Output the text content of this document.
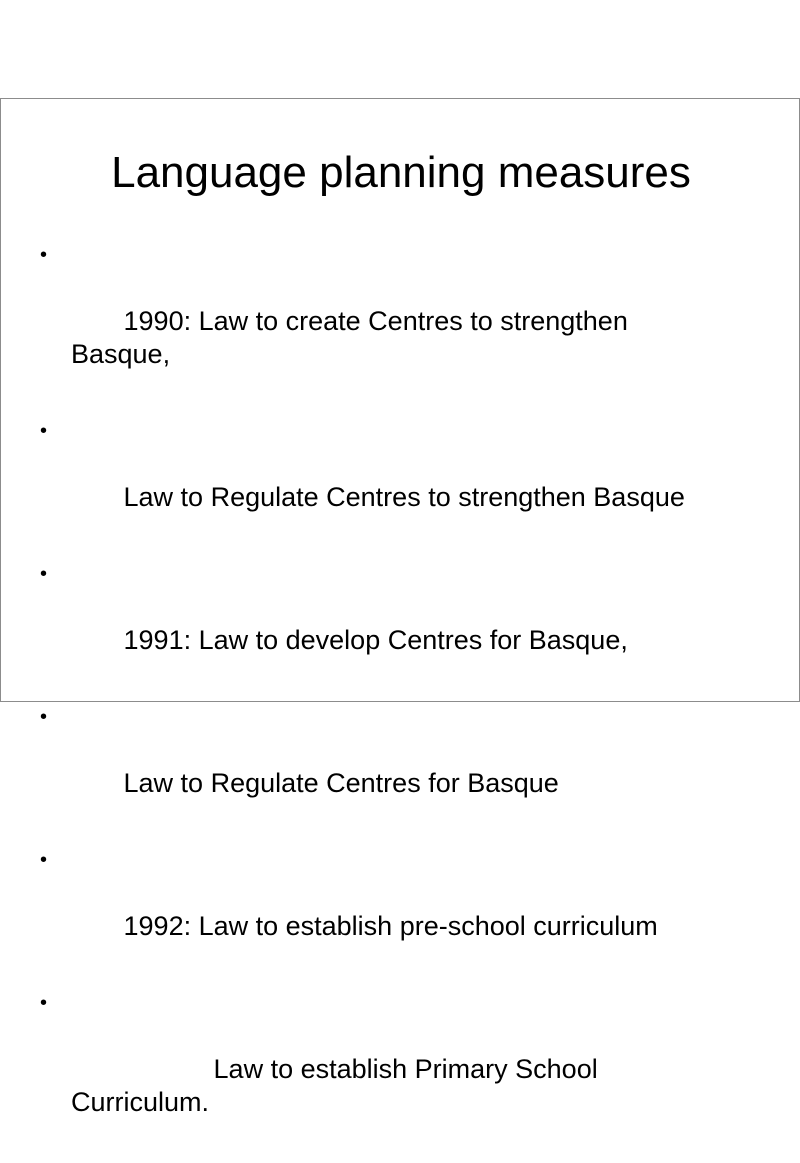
Language planning measures

•

1990: Law to create Centres to strengthen
Basque,

•

Law to Regulate Centres to strengthen Basque

•

1991: Law to develop Centres for Basque,

•

Law to Regulate Centres for Basque

•

1992: Law to establish pre-school curriculum

•

Law to establish Primary School
Curriculum.
